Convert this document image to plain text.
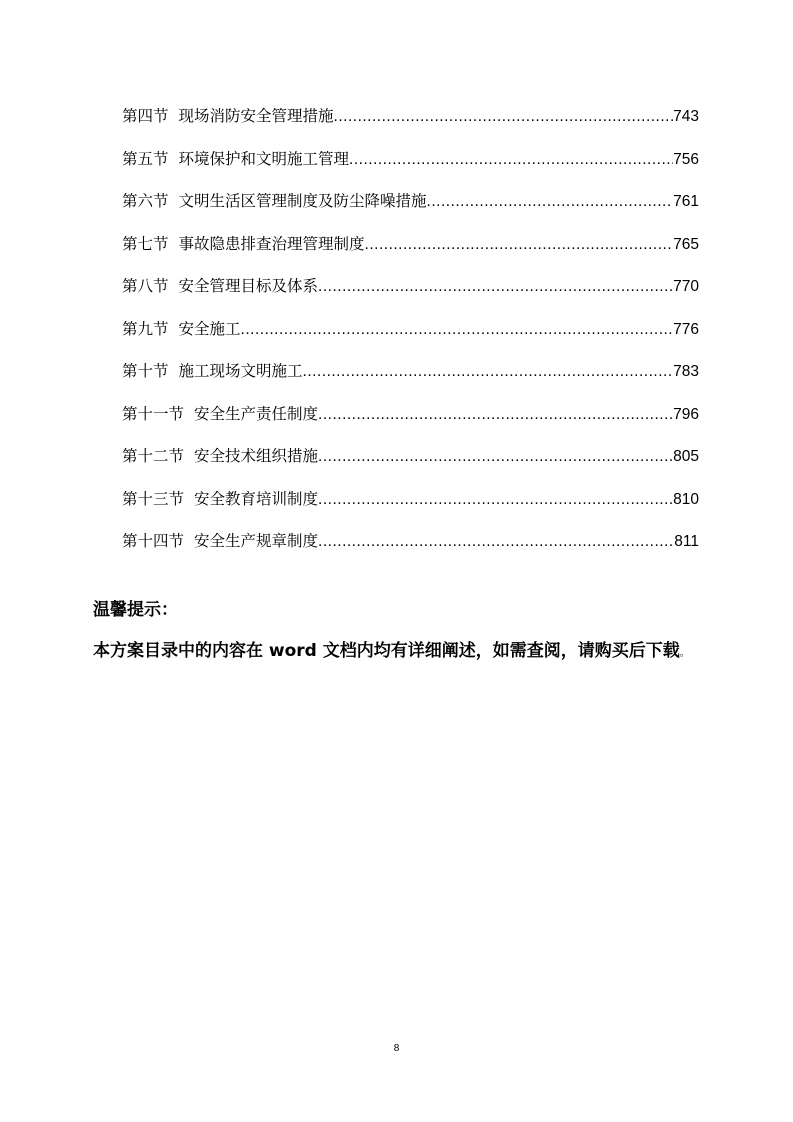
第四节 现场消防安全管理措施 .....	743
第五节 环境保护和文明施工管理 .....	756
第六节 文明生活区管理制度及防尘降噪措施 .....	761
第七节 事故隐患排查治理管理制度 .....	765
第八节 安全管理目标及体系 .....	770
第九节 安全施工 .....	776
第十节 施工现场文明施工 .....	783
第十一节 安全生产责任制度 .....	796
第十二节 安全技术组织措施 .....	805
第十三节 安全教育培训制度 .....	810
第十四节 安全生产规章制度 .....	811
温馨提示：
本方案目录中的内容在 word 文档内均有详细阐述，如需查阅，请购买后下载。
8
